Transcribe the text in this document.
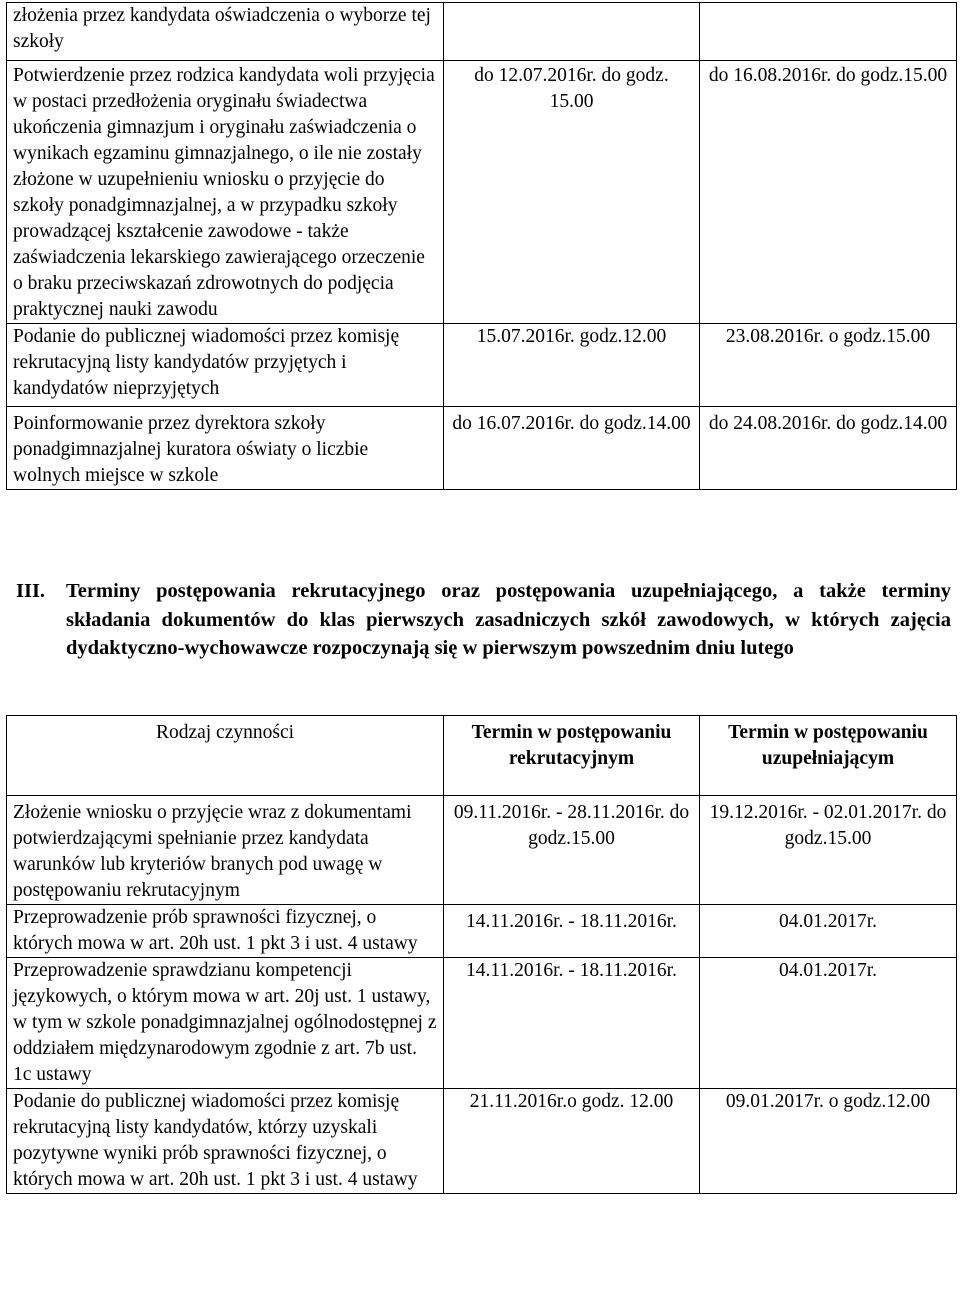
złożenia przez kandydata oświadczenia o wyborze tej szkoły		
Potwierdzenie przez rodzica kandydata woli przyjęcia w postaci przedłożenia oryginału świadectwa ukończenia gimnazjum i oryginału zaświadczenia o wynikach egzaminu gimnazjalnego, o ile nie zostały złożone w uzupełnieniu wniosku o przyjęcie do szkoły ponadgimnazjalnej, a w przypadku szkoły prowadzącej kształcenie zawodowe - także zaświadczenia lekarskiego zawierającego orzeczenie o braku przeciwskazań zdrowotnych do podjęcia praktycznej nauki zawodu	do 12.07.2016r. do godz. 15.00	do 16.08.2016r. do godz.15.00
Podanie do publicznej wiadomości przez komisję rekrutacyjną listy kandydatów przyjętych i kandydatów nieprzyjętych	15.07.2016r. godz.12.00	23.08.2016r. o godz.15.00
Poinformowanie przez dyrektora szkoły ponadgimnazjalnej kuratora oświaty o liczbie wolnych miejsce w szkole	do 16.07.2016r. do godz.14.00	do 24.08.2016r. do godz.14.00
III. Terminy postępowania rekrutacyjnego oraz postępowania uzupełniającego, a także terminy składania dokumentów do klas pierwszych zasadniczych szkół zawodowych, w których zajęcia dydaktyczno-wychowawcze rozpoczynają się w pierwszym powszednim dniu lutego
Rodzaj czynności	Termin w postępowaniu rekrutacyjnym	Termin w postępowaniu uzupełniającym
Złożenie wniosku o przyjęcie wraz z dokumentami potwierdzającymi spełnianie przez kandydata warunków lub kryteriów branych pod uwagę w postępowaniu rekrutacyjnym	09.11.2016r. - 28.11.2016r. do godz.15.00	19.12.2016r. - 02.01.2017r. do godz.15.00
Przeprowadzenie prób sprawności fizycznej, o których mowa w art. 20h ust. 1 pkt 3 i ust. 4 ustawy	14.11.2016r. - 18.11.2016r.	04.01.2017r.
Przeprowadzenie sprawdzianu kompetencji językowych, o którym mowa w art. 20j ust. 1 ustawy, w tym w szkole ponadgimnazjalnej ogólnodostępnej z oddziałem międzynarodowym zgodnie z art. 7b ust. 1c ustawy	14.11.2016r. - 18.11.2016r.	04.01.2017r.
Podanie do publicznej wiadomości przez komisję rekrutacyjną listy kandydatów, którzy uzyskali pozytywne wyniki prób sprawności fizycznej, o których mowa w art. 20h ust. 1 pkt 3 i ust. 4 ustawy	21.11.2016r.o godz. 12.00	09.01.2017r. o godz.12.00
